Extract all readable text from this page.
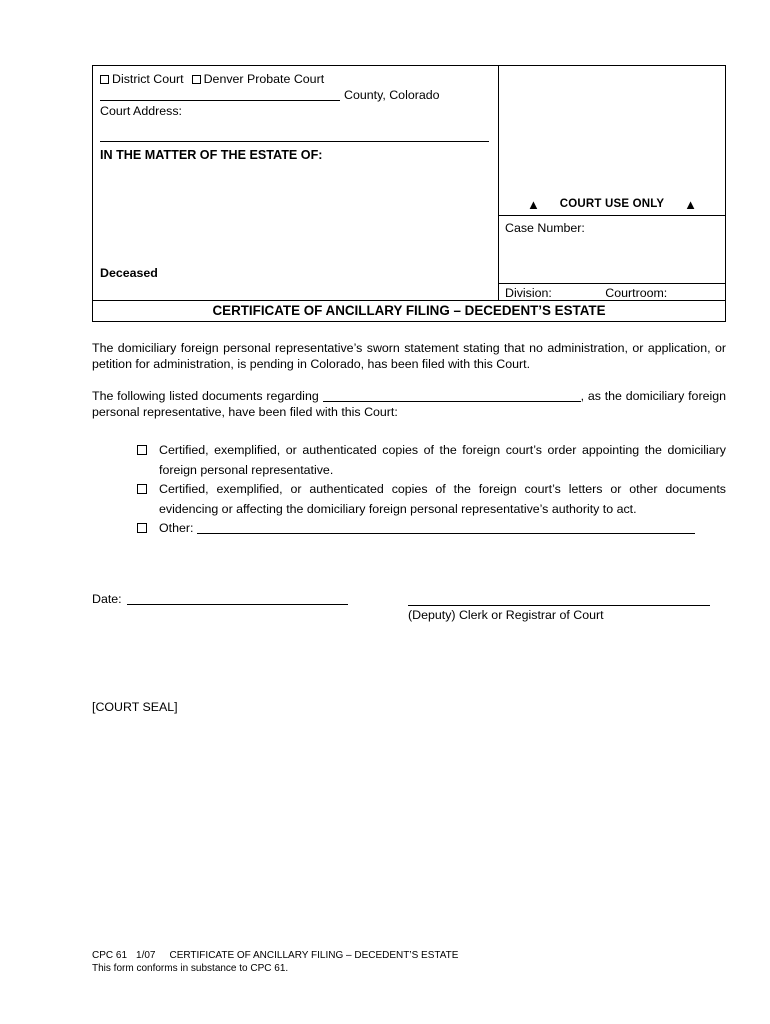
District Court Denver Probate Court
County, Colorado
Court Address:
IN THE MATTER OF THE ESTATE OF:
Deceased
▲ COURT USE ONLY ▲
Case Number:
Division:	Courtroom:
CERTIFICATE OF ANCILLARY FILING – DECEDENT’S ESTATE
The domiciliary foreign personal representative’s sworn statement stating that no administration, or application, or petition for administration, is pending in Colorado, has been filed with this Court.
The following listed documents regarding	, as the domiciliary foreign personal representative, have been filed with this Court:
Certified, exemplified, or authenticated copies of the foreign court’s order appointing the domiciliary foreign personal representative.
Certified, exemplified, or authenticated copies of the foreign court’s letters or other documents evidencing or affecting the domiciliary foreign personal representative’s authority to act.
Other:
Date:
(Deputy) Clerk or Registrar of Court
[COURT SEAL]
CPC 61 1/07 CERTIFICATE OF ANCILLARY FILING – DECEDENT’S ESTATE
This form conforms in substance to CPC 61.
